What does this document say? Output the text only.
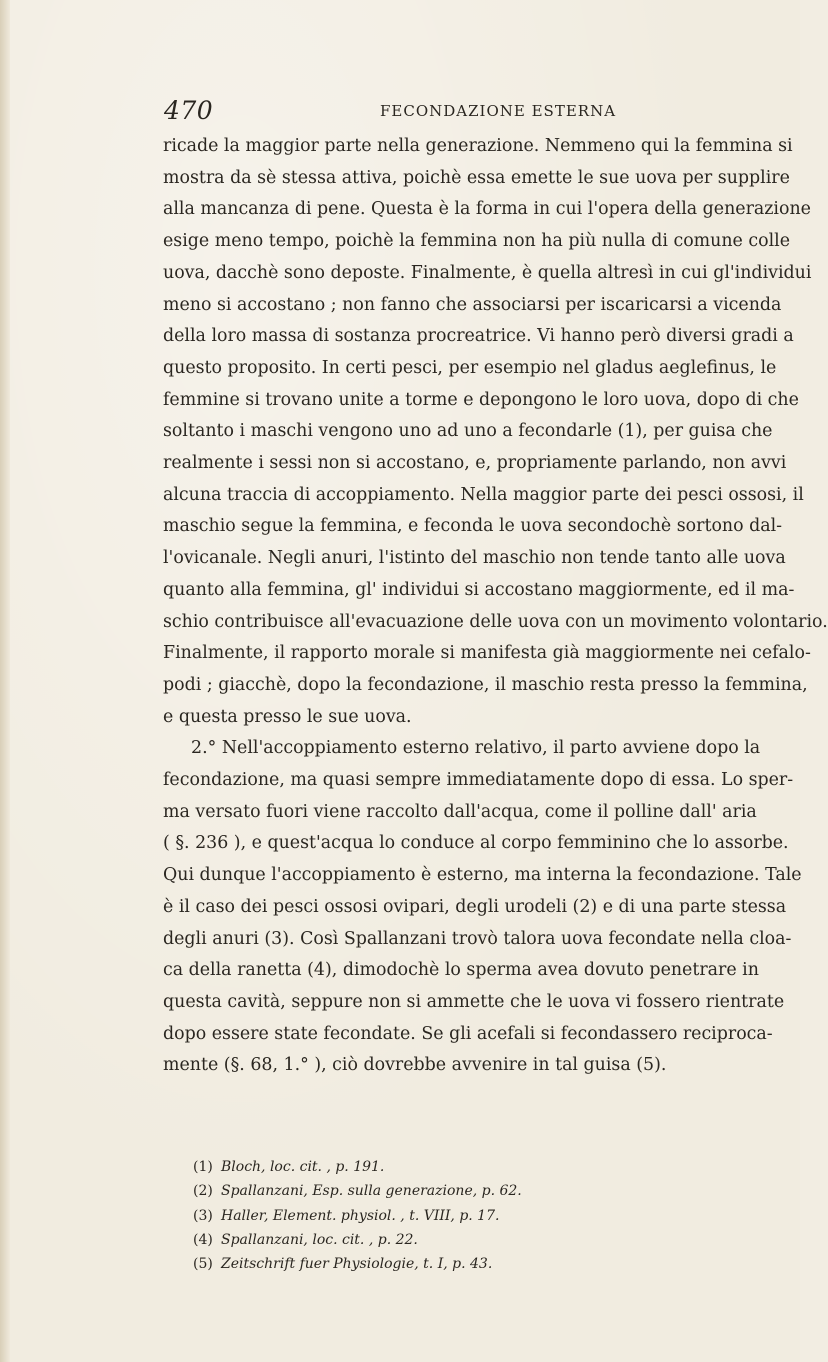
470	FECONDAZIONE ESTERNA
ricade la maggior parte nella generazione. Nemmeno qui la femmina si
mostra da sè stessa attiva, poichè essa emette le sue uova per supplire
alla mancanza di pene. Questa è la forma in cui l'opera della generazione
esige meno tempo, poichè la femmina non ha più nulla di comune colle
uova, dacchè sono deposte. Finalmente, è quella altresì in cui gl'individui
meno si accostano ; non fanno che associarsi per iscaricarsi a vicenda
della loro massa di sostanza procreatrice. Vi hanno però diversi gradi a
questo proposito. In certi pesci, per esempio nel gladus aeglefinus, le
femmine si trovano unite a torme e depongono le loro uova, dopo di che
soltanto i maschi vengono uno ad uno a fecondarle (1), per guisa che
realmente i sessi non si accostano, e, propriamente parlando, non avvi
alcuna traccia di accoppiamento. Nella maggior parte dei pesci ossosi, il
maschio segue la femmina, e feconda le uova secondochè sortono dal-
l'ovicanale. Negli anuri, l'istinto del maschio non tende tanto alle uova
quanto alla femmina, gl' individui si accostano maggiormente, ed il ma-
schio contribuisce all'evacuazione delle uova con un movimento volontario.
Finalmente, il rapporto morale si manifesta già maggiormente nei cefalo-
podi ; giacchè, dopo la fecondazione, il maschio resta presso la femmina,
e questa presso le sue uova.
2.° Nell'accoppiamento esterno relativo, il parto avviene dopo la
fecondazione, ma quasi sempre immediatamente dopo di essa. Lo sper-
ma versato fuori viene raccolto dall'acqua, come il polline dall' aria
( §. 236 ), e quest'acqua lo conduce al corpo femminino che lo assorbe.
Qui dunque l'accoppiamento è esterno, ma interna la fecondazione. Tale
è il caso dei pesci ossosi ovipari, degli urodeli (2) e di una parte stessa
degli anuri (3). Così Spallanzani trovò talora uova fecondate nella cloa-
ca della ranetta (4), dimodochè lo sperma avea dovuto penetrare in
questa cavità, seppure non si ammette che le uova vi fossero rientrate
dopo essere state fecondate. Se gli acefali si fecondassero reciproca-
mente (§. 68, 1.° ), ciò dovrebbe avvenire in tal guisa (5).
(1) Bloch, loc. cit. , p. 191.
(2) Spallanzani, Esp. sulla generazione, p. 62.
(3) Haller, Element. physiol. , t. VIII, p. 17.
(4) Spallanzani, loc. cit. , p. 22.
(5) Zeitschrift fuer Physiologie, t. I, p. 43.
